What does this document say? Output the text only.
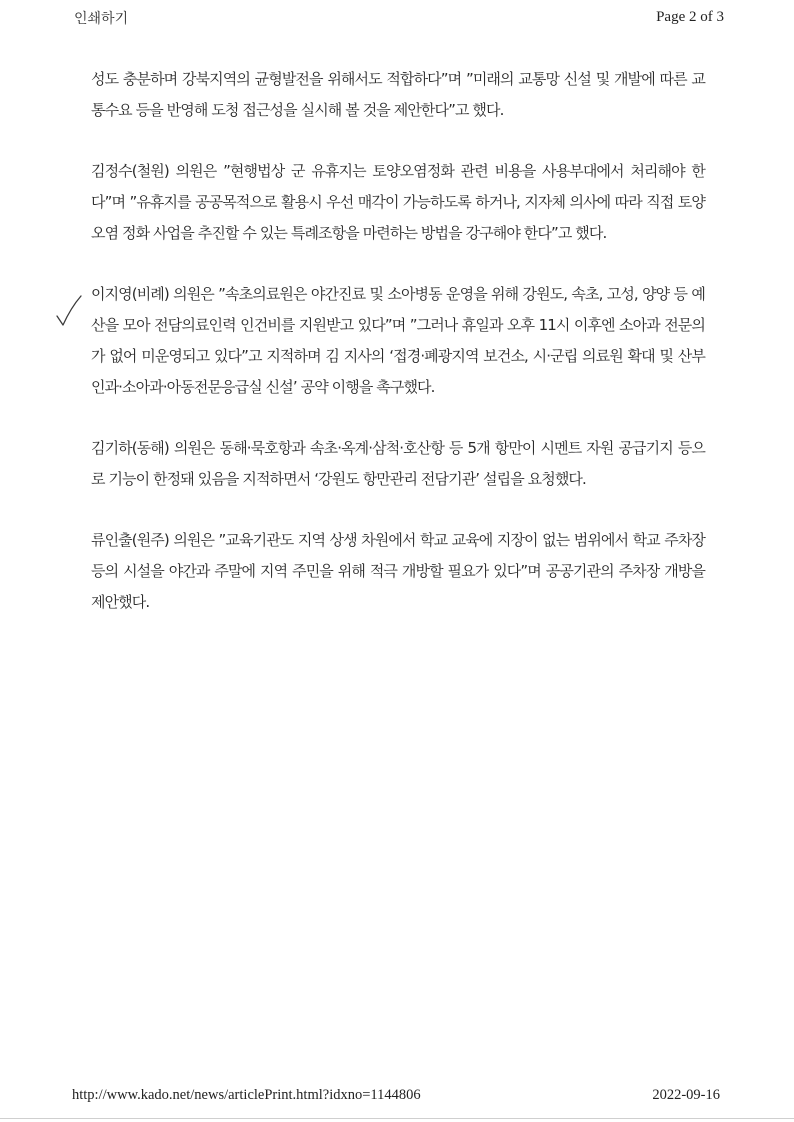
인쇄하기	Page 2 of 3

성도 충분하며 강북지역의 균형발전을 위해서도 적합하다”며 ”미래의 교통망 신설 및 개발에 따른 교통수요 등을 반영해 도청 접근성을 실시해 볼 것을 제안한다”고 했다.

김정수(철원) 의원은 ”현행법상 군 유휴지는 토양오염정화 관련 비용을 사용부대에서 처리해야 한다”며 ”유휴지를 공공목적으로 활용시 우선 매각이 가능하도록 하거나, 지자체 의사에 따라 직접 토양오염 정화 사업을 추진할 수 있는 특례조항을 마련하는 방법을 강구해야 한다”고 했다.

이지영(비례) 의원은 ”속초의료원은 야간진료 및 소아병동 운영을 위해 강원도, 속초, 고성, 양양 등 예산을 모아 전담의료인력 인건비를 지원받고 있다”며 ”그러나 휴일과 오후 11시 이후엔 소아과 전문의가 없어 미운영되고 있다”고 지적하며 김 지사의 ‘접경·폐광지역 보건소, 시·군립 의료원 확대 및 산부인과·소아과·아동전문응급실 신설’ 공약 이행을 촉구했다.

김기하(동해) 의원은 동해·묵호항과 속초·옥계·삼척·호산항 등 5개 항만이 시멘트 자원 공급기지 등으로 기능이 한정돼 있음을 지적하면서 ‘강원도 항만관리 전담기관’ 설립을 요청했다.

류인출(원주) 의원은 ”교육기관도 지역 상생 차원에서 학교 교육에 지장이 없는 범위에서 학교 주차장 등의 시설을 야간과 주말에 지역 주민을 위해 적극 개방할 필요가 있다”며 공공기관의 주차장 개방을 제안했다.

http://www.kado.net/news/articlePrint.html?idxno=1144806	2022-09-16
